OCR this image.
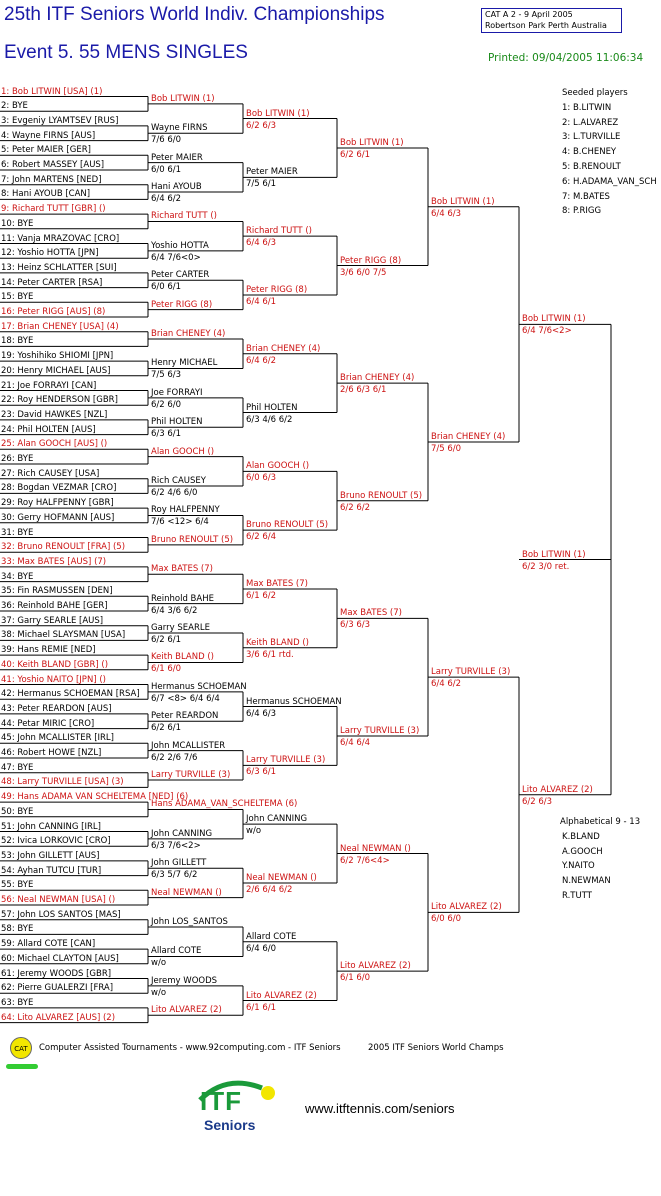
25th ITF Seniors World Indiv. Championships
Event 5. 55 MENS SINGLES
CAT A 2 - 9 April 2005
Robertson Park Perth Australia
Printed: 09/04/2005 11:06:34
1: Bob LITWIN [USA] (1)
2: BYE
3: Evgeniy LYAMTSEV [RUS]
4: Wayne FIRNS [AUS]
5: Peter MAIER [GER]
6: Robert MASSEY [AUS]
7: John MARTENS [NED]
8: Hani AYOUB [CAN]
9: Richard TUTT [GBR] ()
10: BYE
11: Vanja MRAZOVAC [CRO]
12: Yoshio HOTTA [JPN]
13: Heinz SCHLATTER [SUI]
14: Peter CARTER [RSA]
15: BYE
16: Peter RIGG [AUS] (8)
17: Brian CHENEY [USA] (4)
18: BYE
19: Yoshihiko SHIOMI [JPN]
20: Henry MICHAEL [AUS]
21: Joe FORRAYI [CAN]
22: Roy HENDERSON [GBR]
23: David HAWKES [NZL]
24: Phil HOLTEN [AUS]
25: Alan GOOCH [AUS] ()
26: BYE
27: Rich CAUSEY [USA]
28: Bogdan VEZMAR [CRO]
29: Roy HALFPENNY [GBR]
30: Gerry HOFMANN [AUS]
31: BYE
32: Bruno RENOULT [FRA] (5)
33: Max BATES [AUS] (7)
34: BYE
35: Fin RASMUSSEN [DEN]
36: Reinhold BAHE [GER]
37: Garry SEARLE [AUS]
38: Michael SLAYSMAN [USA]
39: Hans REMIE [NED]
40: Keith BLAND [GBR] ()
41: Yoshio NAITO [JPN] ()
42: Hermanus SCHOEMAN [RSA]
43: Peter REARDON [AUS]
44: Petar MIRIC [CRO]
45: John MCALLISTER [IRL]
46: Robert HOWE [NZL]
47: BYE
48: Larry TURVILLE [USA] (3)
49: Hans ADAMA VAN SCHELTEMA [NED] (6)
50: BYE
51: John CANNING [IRL]
52: Ivica LORKOVIC [CRO]
53: John GILLETT [AUS]
54: Ayhan TUTCU [TUR]
55: BYE
56: Neal NEWMAN [USA] ()
57: John LOS SANTOS [MAS]
58: BYE
59: Allard COTE [CAN]
60: Michael CLAYTON [AUS]
61: Jeremy WOODS [GBR]
62: Pierre GUALERZI [FRA]
63: BYE
64: Lito ALVAREZ [AUS] (2)
Bob LITWIN (1)
Wayne FIRNS
7/6 6/0
Peter MAIER
6/0 6/1
Hani AYOUB
6/4 6/2
Richard TUTT ()
Yoshio HOTTA
6/4 7/6<0>
Peter CARTER
6/0 6/1
Peter RIGG (8)
Brian CHENEY (4)
Henry MICHAEL
7/5 6/3
Joe FORRAYI
6/2 6/0
Phil HOLTEN
6/3 6/1
Alan GOOCH ()
Rich CAUSEY
6/2 4/6 6/0
Roy HALFPENNY
7/6 <12> 6/4
Bruno RENOULT (5)
Max BATES (7)
Reinhold BAHE
6/4 3/6 6/2
Garry SEARLE
6/2 6/1
Keith BLAND ()
6/1 6/0
Hermanus SCHOEMAN
6/7 <8> 6/4 6/4
Peter REARDON
6/2 6/1
John MCALLISTER
6/2 2/6 7/6
Larry TURVILLE (3)
Hans ADAMA_VAN_SCHELTEMA (6)
John CANNING
6/3 7/6<2>
John GILLETT
6/3 5/7 6/2
Neal NEWMAN ()
John LOS_SANTOS
Allard COTE
w/o
Jeremy WOODS
w/o
Lito ALVAREZ (2)
Bob LITWIN (1)
6/2 6/3
Peter MAIER
7/5 6/1
Richard TUTT ()
6/4 6/3
Peter RIGG (8)
6/4 6/1
Brian CHENEY (4)
6/4 6/2
Phil HOLTEN
6/3 4/6 6/2
Alan GOOCH ()
6/0 6/3
Bruno RENOULT (5)
6/2 6/4
Max BATES (7)
6/1 6/2
Keith BLAND ()
3/6 6/1 rtd.
Hermanus SCHOEMAN
6/4 6/3
Larry TURVILLE (3)
6/3 6/1
John CANNING
w/o
Neal NEWMAN ()
2/6 6/4 6/2
Allard COTE
6/4 6/0
Lito ALVAREZ (2)
6/1 6/1
Bob LITWIN (1)
6/2 6/1
Peter RIGG (8)
3/6 6/0 7/5
Brian CHENEY (4)
2/6 6/3 6/1
Bruno RENOULT (5)
6/2 6/2
Max BATES (7)
6/3 6/3
Larry TURVILLE (3)
6/4 6/4
Neal NEWMAN ()
6/2 7/6<4>
Lito ALVAREZ (2)
6/1 6/0
Bob LITWIN (1)
6/4 6/3
Brian CHENEY (4)
7/5 6/0
Larry TURVILLE (3)
6/4 6/2
Lito ALVAREZ (2)
6/0 6/0
Bob LITWIN (1)
6/4 7/6<2>
Lito ALVAREZ (2)
6/2 6/3
Bob LITWIN (1)
6/2 3/0 ret.
Seeded players
1: B.LITWIN
2: L.ALVAREZ
3: L.TURVILLE
4: B.CHENEY
5: B.RENOULT
6: H.ADAMA_VAN_SCH
7: M.BATES
8: P.RIGG
Alphabetical 9 - 13
K.BLAND
A.GOOCH
Y.NAITO
N.NEWMAN
R.TUTT
CAT	Computer Assisted Tournaments - www.92computing.com - ITF Seniors	2005 ITF Seniors World Champs
ITF
Seniors
www.itftennis.com/seniors
